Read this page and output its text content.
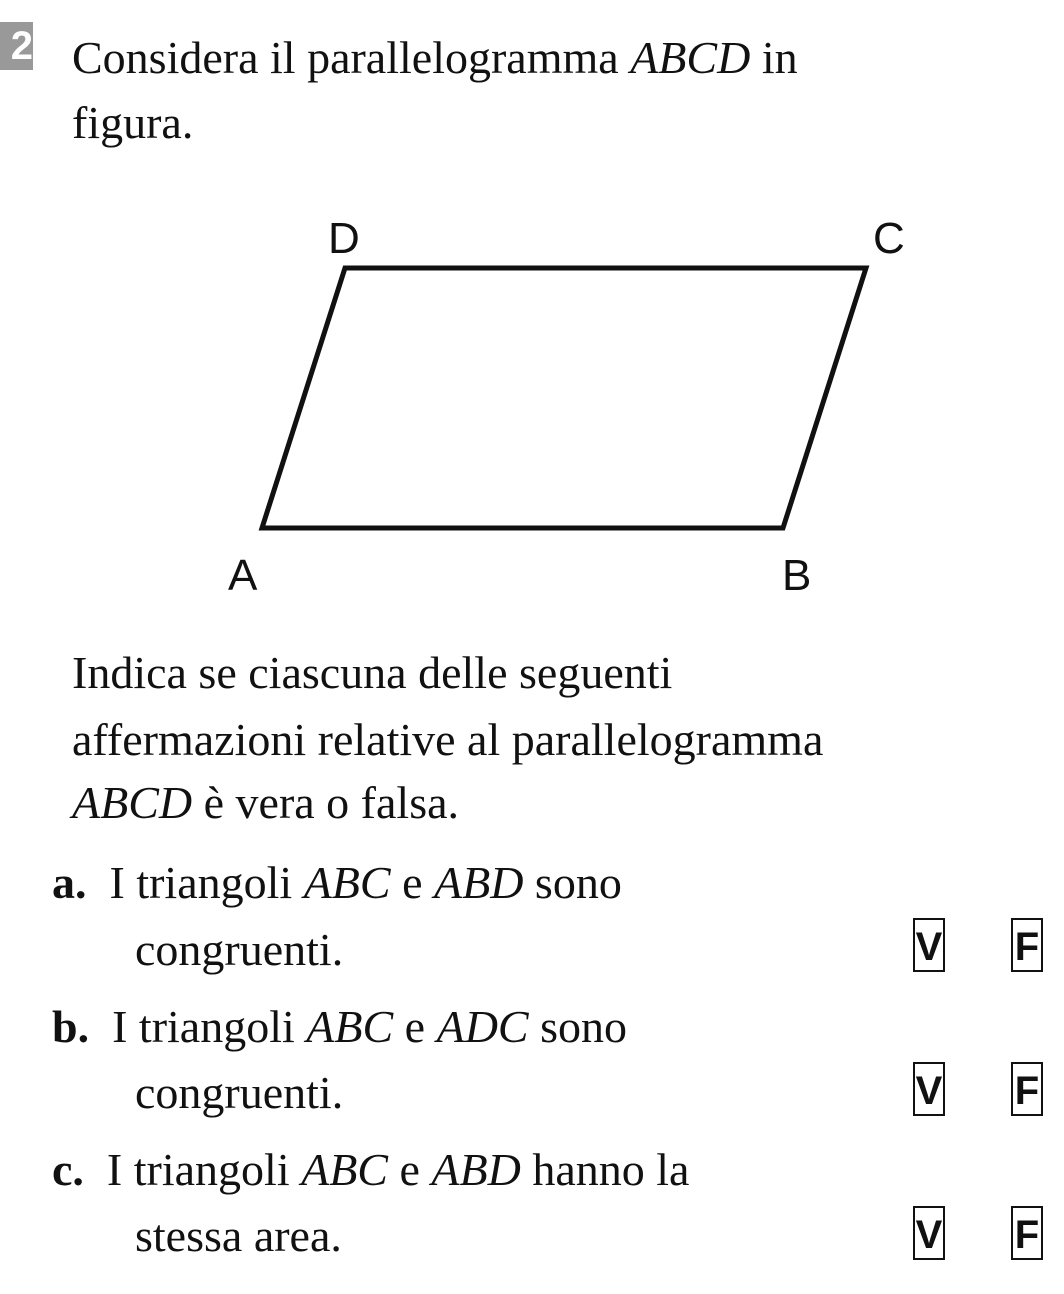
2 Considera il parallelogramma ABCD in
figura.
D	C
A	B
Indica se ciascuna delle seguenti
affermazioni relative al parallelogramma
ABCD è vera o falsa.
a. I triangoli ABC e ABD sono
congruenti.	V F
b. I triangoli ABC e ADC sono
congruenti.	V F
c. I triangoli ABC e ABD hanno la
stessa area.	V F
